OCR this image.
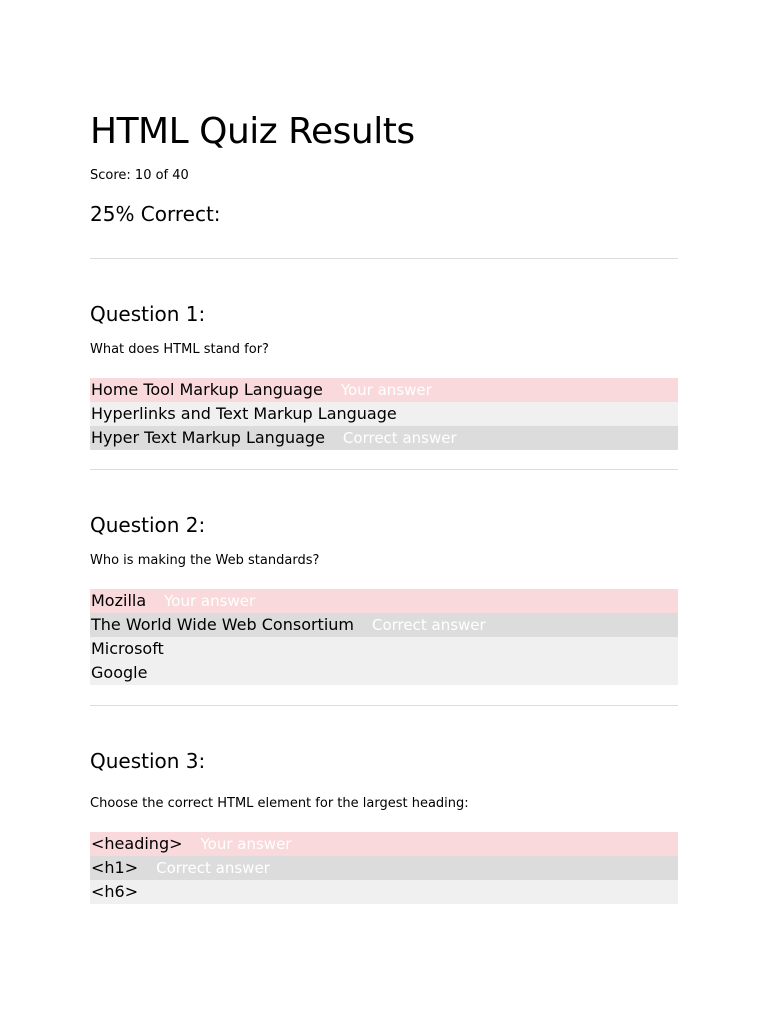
HTML Quiz Results

Score: 10 of 40

25% Correct:
Question 1:

What does HTML stand for?

Home Tool Markup Language Your answer
Hyperlinks and Text Markup Language
Hyper Text Markup Language Correct answer
Question 2:

Who is making the Web standards?

Mozilla Your answer
The World Wide Web Consortium Correct answer
Microsoft
Google
Question 3:

Choose the correct HTML element for the largest heading:

<heading> Your answer
<h1> Correct answer
<h6>
